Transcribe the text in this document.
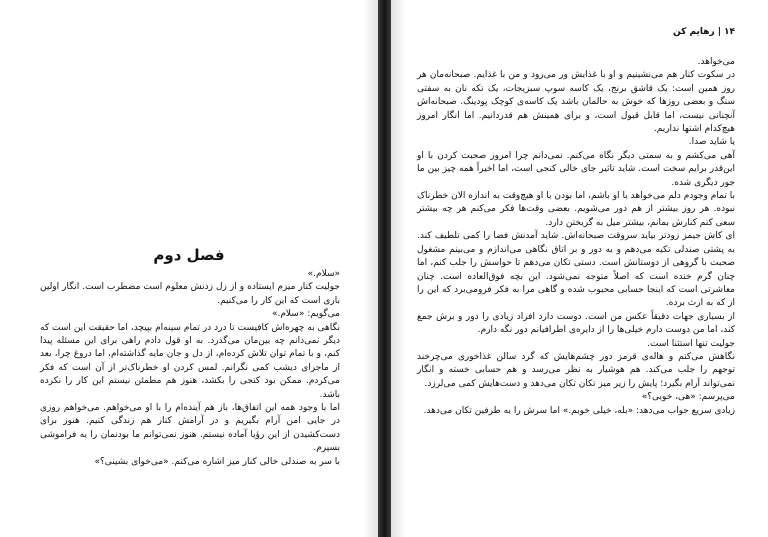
فصل دوم

«سلام.»

جولیت کنار میزم ایستاده و از زل زدنش معلوم است مضطرب است. انگار اولین باری است که این کار را می‌کنیم.

می‌گویم: «سلام.»

نگاهی به چهره‌اش کافیست تا درد در تمام سینه‌ام بپیچد، اما حقیقت این است که دیگر نمی‌دانم چه بین‌مان می‌گذرد. به او قول دادم راهی برای این مسئله پیدا کنم، و با تمام توان تلاش کرده‌ام، از دل و جان مایه گذاشته‌ام، اما دروغ چرا، بعد از ماجرای دیشب کمی نگرانم. لمس کردن او خطرناک‌تر از آن است که فکر می‌کردم. ممکن بود کنجی را بکشد، هنوز هم مطمئن نیستم این کار را نکرده باشد.

اما با وجود همه این اتفاق‌ها، باز هم آینده‌ام را با او می‌خواهم. می‌خواهم روزی در جایی امن آرام بگیریم و در آرامش کنار هم زندگی کنیم. هنوز برای دست‌کشیدن از این رؤیا آماده نیستم. هنوز نمی‌توانم ما بودنمان را به فراموشی بسپرم.

با سر به صندلی خالی کنار میز اشاره می‌کنم. «می‌خوای بشینی؟»

۱۴|رهایم کن

می‌خواهد.

در سکوت کنار هم می‌نشینیم و او با غذایش ور می‌رود و من با غذایم. صبحانه‌مان هر روز همین است: یک قاشق برنج، یک کاسه سوپ سبزیجات، یک تکه نان به سفتی سنگ و بعضی روزها که خوش به حالمان باشد یک کاسه‌ی کوچک پودینگ. صبحانه‌اش آنچنانی نیست، اما قابل قبول است، و برای همینش هم قدردانیم. اما انگار امروز هیچ‌کدام اشتها نداریم.

یا شاید صدا.

آهی می‌کشم و به سمتی دیگر نگاه می‌کنم. نمی‌دانم چرا امروز صحبت کردن با او این‌قدر برایم سخت است. شاید تاثیر جای خالی کنجی است، اما اخیراً همه چیز بین ما جور دیگری شده.

با تمام وجودم دلم می‌خواهد با او باشم، اما بودن با او هیچ‌وقت به اندازه الان خطرناک نبوده. هر روز بیشتر از هم دور می‌شویم. بعضی وقت‌ها فکر می‌کنم هر چه بیشتر سعی کنم کنارش بمانم، بیشتر میل به گریختن دارد.

ای کاش جیمز زودتر بیاید سروقت صبحانه‌اش. شاید آمدنش فضا را کمی تلطیف کند. به پشتی صندلی تکیه می‌دهم و به دور و بر اتاق نگاهی می‌اندازم و می‌بینم مشغول صحبت با گروهی از دوستانش است. دستی تکان می‌دهم تا حواسش را جلب کنم، اما چنان گرم خنده است که اصلاً متوجه نمی‌شود. این بچه فوق‌العاده است. چنان معاشرتی است که اینجا حسابی محبوب شده و گاهی مرا به فکر فرومی‌برد که این را از که به ارث برده.

از بسیاری جهات دقیقاً عکس من است. دوست دارد افراد زیادی را دور و برش جمع کند، اما من دوست دارم خیلی‌ها را از دایره‌ی اطرافیانم دور نگه دارم.

جولیت تنها استثنا است.

نگاهش می‌کنم و هاله‌ی قرمز دور چشم‌هایش که گرد سالن غذاخوری می‌چرخند توجهم را جلب می‌کند. هم هوشیار به نظر می‌رسد و هم حسابی خسته و انگار نمی‌تواند آرام بگیرد؛ پایش را زیر میز تکان تکان می‌دهد و دست‌هایش کمی می‌لرزد.

می‌پرسم: «هی، خوبی؟»

زیادی سریع جواب می‌دهد: «بله، خیلی خوبم.» اما سرش را به طرفین تکان می‌دهد.
